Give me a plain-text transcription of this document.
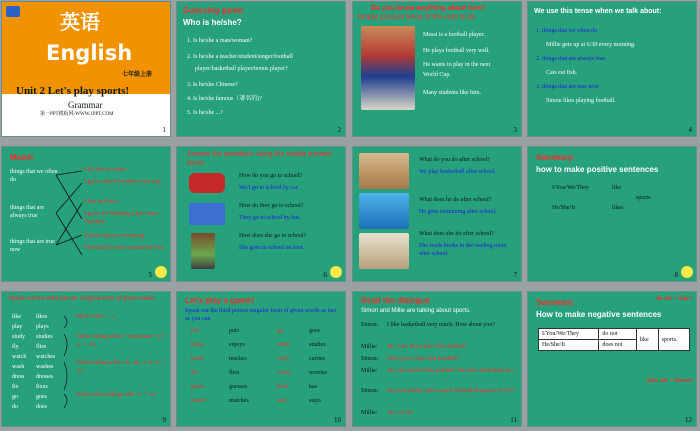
英语
English
七年级上册
Unit 2 Let's play sports!
Grammar
第一PPT模板网-WWW.1PPT.COM
1
Guessing game:
Who is he/she?
1. Is he/she a man/woman?
2. Is he/she a teacher/student/singer/football
player/basketball player/tennis player?
3. Is he/she Chinese?
4. Is he/she famous（著名的)?
5. Is he/she ...?
2
Do you know anything about him?
Simple present tense of the verb to do
Messi is a football player.
He plays football very well.
He wants to play in the next
World Cup.
Many students like him.
3
We use this tense when we talk about:
1. things that we often do
Millie gets up at 6:30 every morning.
2. things that are always true
Cats eat fish.
3. things that are true now
Simon likes playing football.
4
Match
things that we often do
things that are always true
things that are true now
Fish live in water.
I go to school by bike every day.
I live in Wuxi.
I go to the Reading Club every Tuesday.
Daniel enjoys swimming.
The Earth travels around the Sun.
5
Answer the questions using the simple present tense
How do you go to school?
We/I go to school by car.
How do they go to school?
They go to school by bus.
How does she go to school?
She goes to school on foot.
6
What do you do after school?
We play basketball after school.
What does he do after school?
He goes swimming after school.
What does she do after school?
She reads books in the reading room after school.
7
Summary:
how to make positive sentences
I/You/We/They	like
He/She/It	likes
sports.
8
Speak out the third person singular form of given words
like	likes
play plays
study studies
fly	flies
watch watches
wash washes
dress dresses
fix	fixes
go	goes
do	does
Most verbs: + -s
Verbs ending with a "consonant + y": -y + -ies
Verbs ending with -ch, -sh, -s or -x: + -es
Some verbs ending with -o: + -es
9
Let's play a game!
Speak out the third person singular form of given words as fast as you can
put	puts	go	goes
enjoy	enjoys	study	studies
teach	teaches	carry	carries
fly	flies	worry	worries
guess	guesses	have	has
match	matches	stay	stays
10
Read the dialogue
Simon and Millie are talking about sports.
Simon: I like basketball very much. How about you?
Millie: Yes, I do. But I don't like football.
Simon: Does your sister like football?
Millie: No, she doesn't like football. She likes basketball too.
Simon: Do your family often watch basketball games on TV?
Millie: Yes, we do.
11
Summary:
How to make negative sentences
do not = don't
I/You/We/They	do not	like	sports.
He/She/It	does not		
does not = doesn't
12
